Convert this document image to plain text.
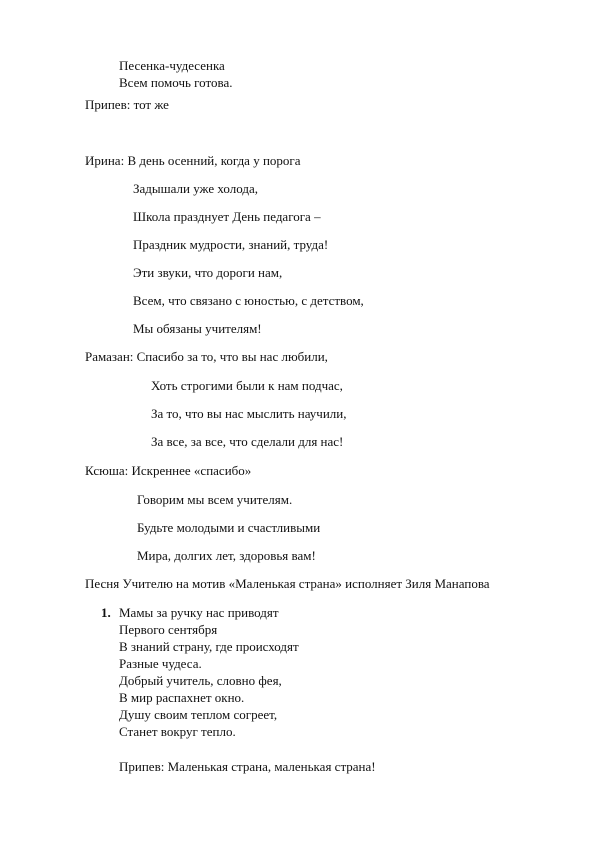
Песенка-чудесенка
Всем помочь готова.
Припев: тот же
Ирина: В день осенний, когда у порога
Задышали уже холода,
Школа празднует День педагога –
Праздник мудрости, знаний, труда!
Эти звуки, что дороги нам,
Всем, что связано с юностью, с детством,
Мы обязаны учителям!
Рамазан: Спасибо за то, что вы нас любили,
Хоть строгими были к нам подчас,
За то, что вы нас мыслить научили,
За все, за все, что сделали для нас!
Ксюша: Искреннее «спасибо»
Говорим мы всем учителям.
Будьте молодыми и счастливыми
Мира, долгих лет, здоровья вам!
Песня Учителю на мотив «Маленькая страна» исполняет Зиля Манапова
1. Мамы за ручку нас приводят
Первого сентября
В знаний страну, где происходят
Разные чудеса.
Добрый учитель, словно фея,
В мир распахнет окно.
Душу своим теплом согреет,
Станет вокруг тепло.
Припев: Маленькая страна, маленькая страна!
